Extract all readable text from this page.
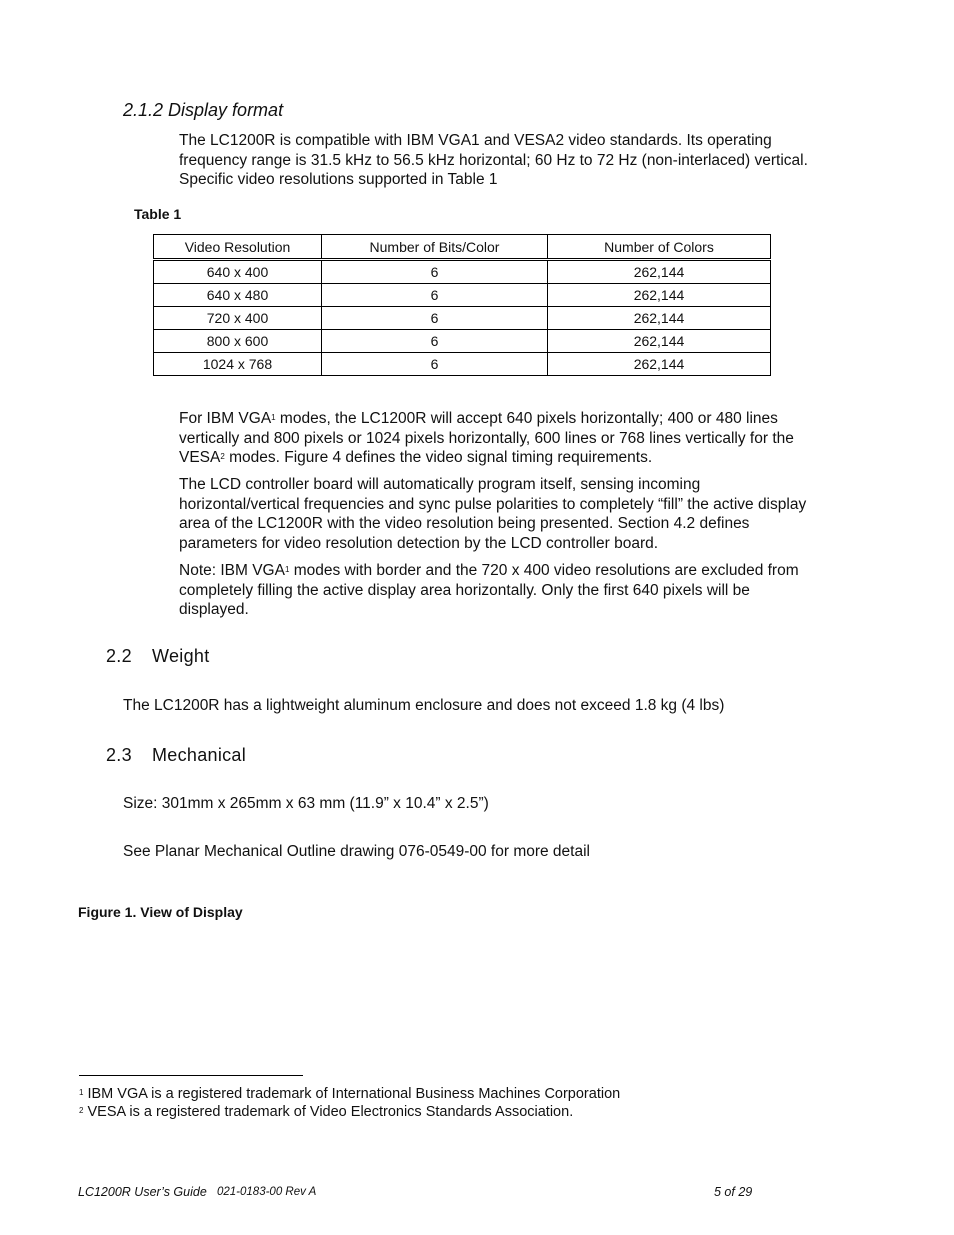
2.1.2 Display format
The LC1200R is compatible with IBM VGA1 and VESA2 video standards. Its operating
frequency range is 31.5 kHz to 56.5 kHz horizontal; 60 Hz to 72 Hz (non-interlaced) vertical.
Specific video resolutions supported in Table 1
Table 1
Video Resolution	Number of Bits/Color	Number of Colors
640 x 400	6	262,144
640 x 480	6	262,144
720 x 400	6	262,144
800 x 600	6	262,144
1024 x 768	6	262,144
For IBM VGA$^1$ modes, the LC1200R will accept 640 pixels horizontally; 400 or 480 lines
vertically and 800 pixels or 1024 pixels horizontally, 600 lines or 768 lines vertically for the
VESA$^2$ modes. Figure 4 defines the video signal timing requirements.
The LCD controller board will automatically program itself, sensing incoming
horizontal/vertical frequencies and sync pulse polarities to completely “fill” the active display
area of the LC1200R with the video resolution being presented. Section 4.2 defines
parameters for video resolution detection by the LCD controller board.
Note: IBM VGA$^1$ modes with border and the 720 x 400 video resolutions are excluded from
completely filling the active display area horizontally. Only the first 640 pixels will be
displayed.
2.2 Weight
The LC1200R has a lightweight aluminum enclosure and does not exceed 1.8 kg (4 lbs)
2.3 Mechanical
Size: 301mm x 265mm x 63 mm (11.9” x 10.4” x 2.5”)
See Planar Mechanical Outline drawing 076-0549-00 for more detail
Figure 1. View of Display
$^1$ IBM VGA is a registered trademark of International Business Machines Corporation
$^2$ VESA is a registered trademark of Video Electronics Standards Association.
LC1200R User’s Guide 021-0183-00 Rev A	5 of 29
